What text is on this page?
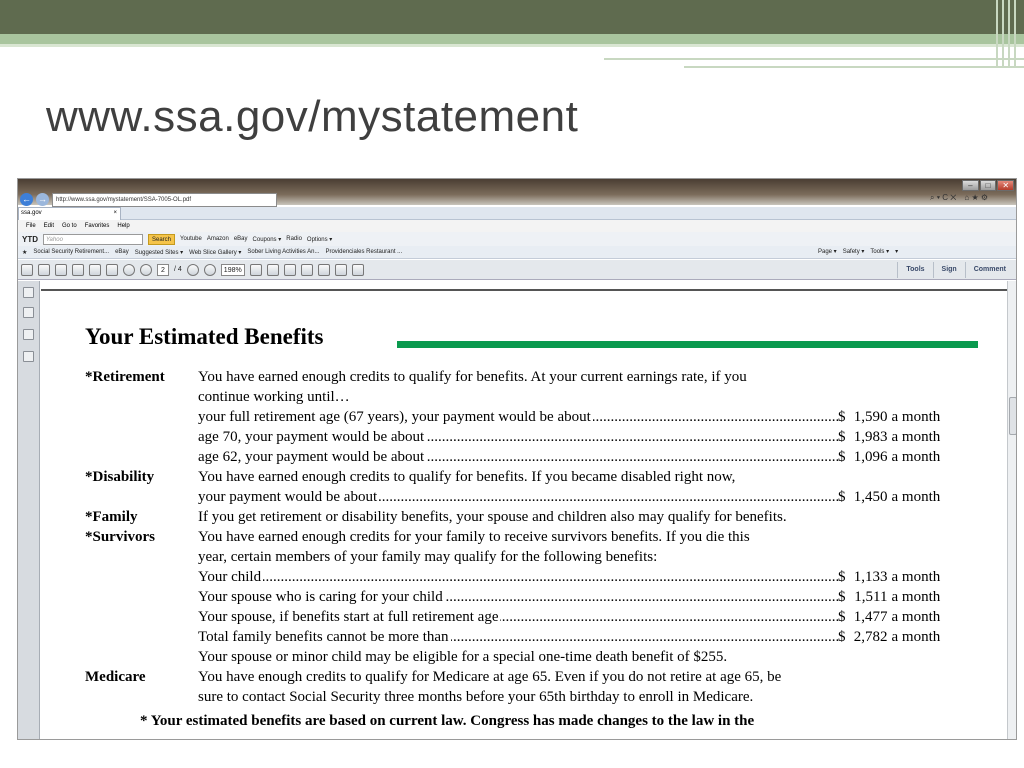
www.ssa.gov/mystatement
–	□	✕
← →	http://www.ssa.gov/mystatement/SSA-7005-OL.pdf	⌕ ▾ C ✕ ⌂ ★ ⚙
ssa.gov	×
File Edit Go to Favorites Help
YTD	Yahoo	Search	Youtube Amazon eBay Coupons ▾ Radio Options ▾
★ Social Security Retirement... eBay Suggested Sites ▾ Web Slice Gallery ▾ Sober Living Activities An... Providenciales Restaurant ...	Page ▾ Safety ▾ Tools ▾ ▾
2	/ 4	198%	Tools	Sign	Comment
Your Estimated Benefits
*Retirement You have earned enough credits to qualify for benefits. At your current earnings rate, if you
continue working until…
your full retirement age (67 years), your payment would be about .....	$ 1,590 a month
age 70, your payment would be about .....	$ 1,983 a month
age 62, your payment would be about .....	$ 1,096 a month
*Disability	You have earned enough credits to qualify for benefits. If you became disabled right now,
your payment would be about .....	$ 1,450 a month
*Family	If you get retirement or disability benefits, your spouse and children also may qualify for benefits.
*Survivors	You have earned enough credits for your family to receive survivors benefits. If you die this
year, certain members of your family may qualify for the following benefits:
Your child .....	$ 1,133 a month
Your spouse who is caring for your child .....	$ 1,511 a month
Your spouse, if benefits start at full retirement age .....	$ 1,477 a month
Total family benefits cannot be more than .....	$ 2,782 a month
Your spouse or minor child may be eligible for a special one-time death benefit of $255.
Medicare	You have enough credits to qualify for Medicare at age 65. Even if you do not retire at age 65, be
sure to contact Social Security three months before your 65th birthday to enroll in Medicare.
* Your estimated benefits are based on current law. Congress has made changes to the law in the
